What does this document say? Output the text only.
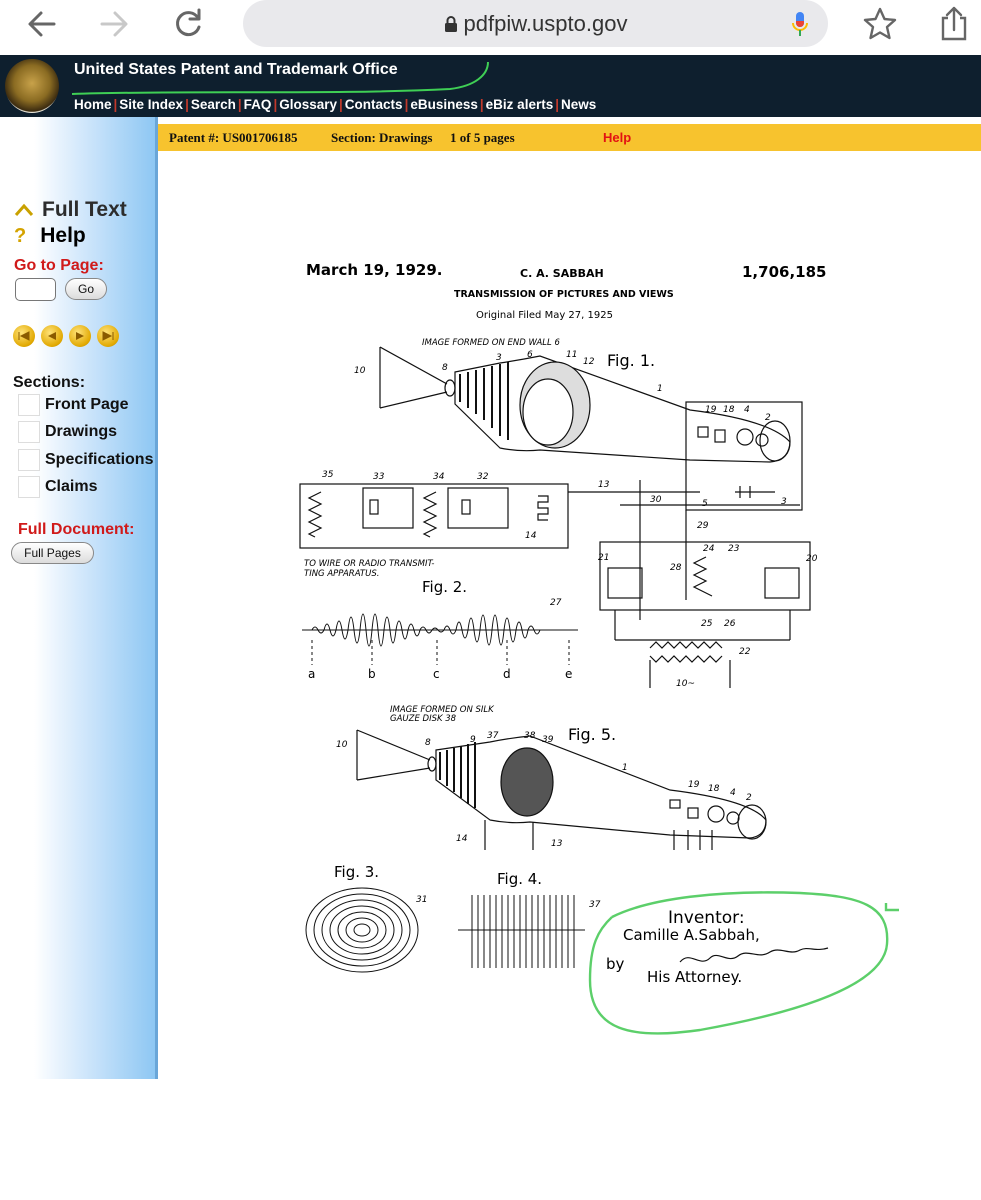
pdfpiw.uspto.gov
United States Patent and Trademark Office
Home | Site Index | Search | FAQ | Glossary | Contacts | eBusiness | eBiz alerts | News
Full Text
? Help
Go to Page:
Go
Sections:
Front Page
Drawings
Specifications
Claims
Full Document:
Full Pages
Patent #: US001706185	Section: Drawings 1 of 5 pages	Help
March 19, 1929.	C. A. SABBAH	1,706,185
TRANSMISSION OF PICTURES AND VIEWS
Original Filed May 27, 1925
IMAGE FORMED ON END WALL 6
Fig. 1.
10	8
3	6	11
12
1
19 18 4
2
35	33	34	32
13
30	5	3
14
29
21
24 23
20
28
25 26
22
10~
27
TO WIRE OR RADIO TRANSMIT-
TING APPARATUS.
Fig. 2.
a	b	c	d	e
IMAGE FORMED ON SILK
GAUZE DISK 38
Fig. 5.
10	8	9 37	38 39
1
19 18 4 2
14	13
Fig. 3.
31
Fig. 4.
37
Inventor:
Camille A.Sabbah,
by
His Attorney.
